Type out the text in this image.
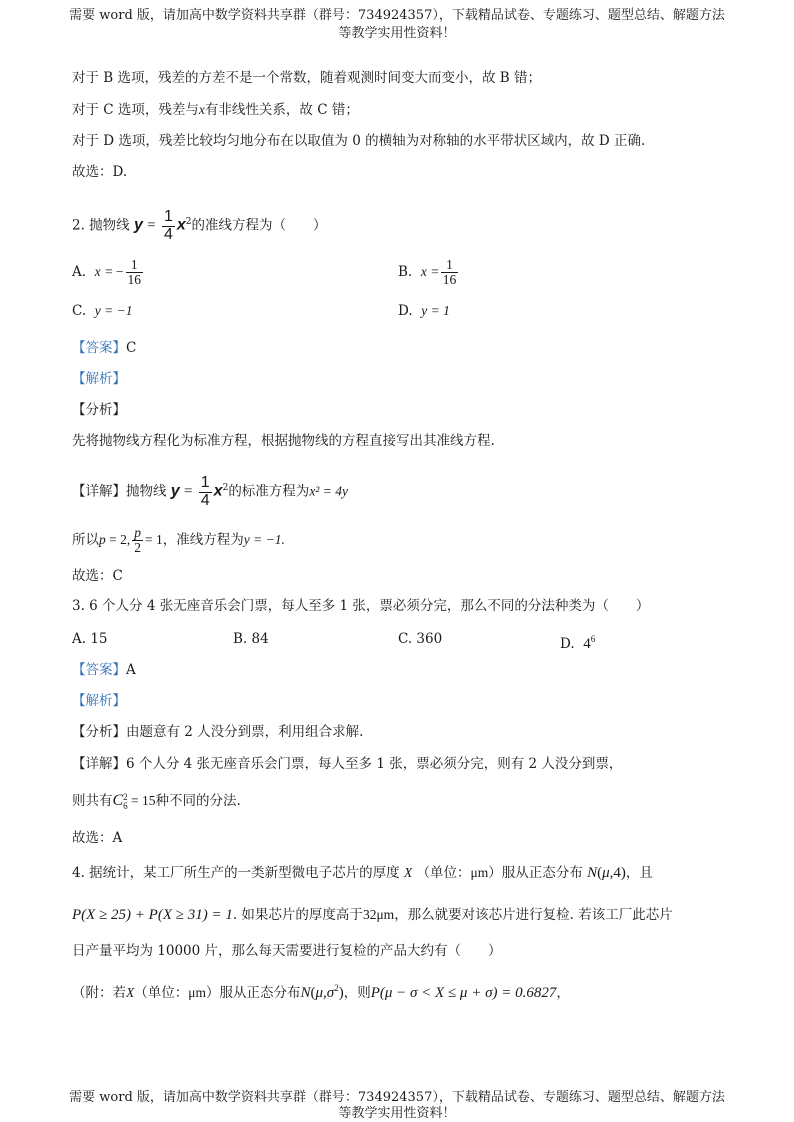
需要 word 版，请加高中数学资料共享群（群号：734924357），下载精品试卷、专题练习、题型总结、解题方法
等教学实用性资料！
对于 B 选项，残差的方差不是一个常数，随着观测时间变大而变小，故 B 错；
对于 C 选项，残差与x有非线性关系，故 C 错；
对于 D 选项，残差比较均匀地分布在以取值为 0 的横轴为对称轴的水平带状区域内，故 D 正确.
故选：D.
2. 抛物线 $y = \frac{1}{4} x^2$的准线方程为（　　）
A. x = − $\frac{1}{16}$	B. $x = \frac{1}{16}$
C. y = −1	D. y = 1
【答案】C
【解析】
【分析】
先将抛物线方程化为标准方程，根据抛物线的方程直接写出其准线方程.
【详解】抛物线 $y = \frac{1}{4} x^2$的标准方程为x² = 4y
所以p = 2, $\frac{p}{2} = 1$，准线方程为y = −1.
故选：C
3. 6 个人分 4 张无座音乐会门票，每人至多 1 张，票必须分完，那么不同的分法种类为（　　）
A. 15	B. 84	C. 360	D. $4^6$
【答案】A
【解析】
【分析】由题意有 2 人没分到票，利用组合求解.
【详解】6 个人分 4 张无座音乐会门票，每人至多 1 张，票必须分完，则有 2 人没分到票，
则共有C2
6 = 15种不同的分法.
故选：A
4. 据统计，某工厂所生产的一类新型微电子芯片的厚度 X （单位：μm）服从正态分布 N(μ,4)，且
P(X ≥ 25) + P(X ≥ 31) = 1. 如果芯片的厚度高于32μm，那么就要对该芯片进行复检. 若该工厂此芯片
日产量平均为 10000 片，那么每天需要进行复检的产品大约有（　　）
（附：若X（单位：μm）服从正态分布$N(\mu,\sigma^2)$，则P(μ − σ < X ≤ μ + σ) = 0.6827，
需要 word 版，请加高中数学资料共享群（群号：734924357），下载精品试卷、专题练习、题型总结、解题方法
等教学实用性资料！
